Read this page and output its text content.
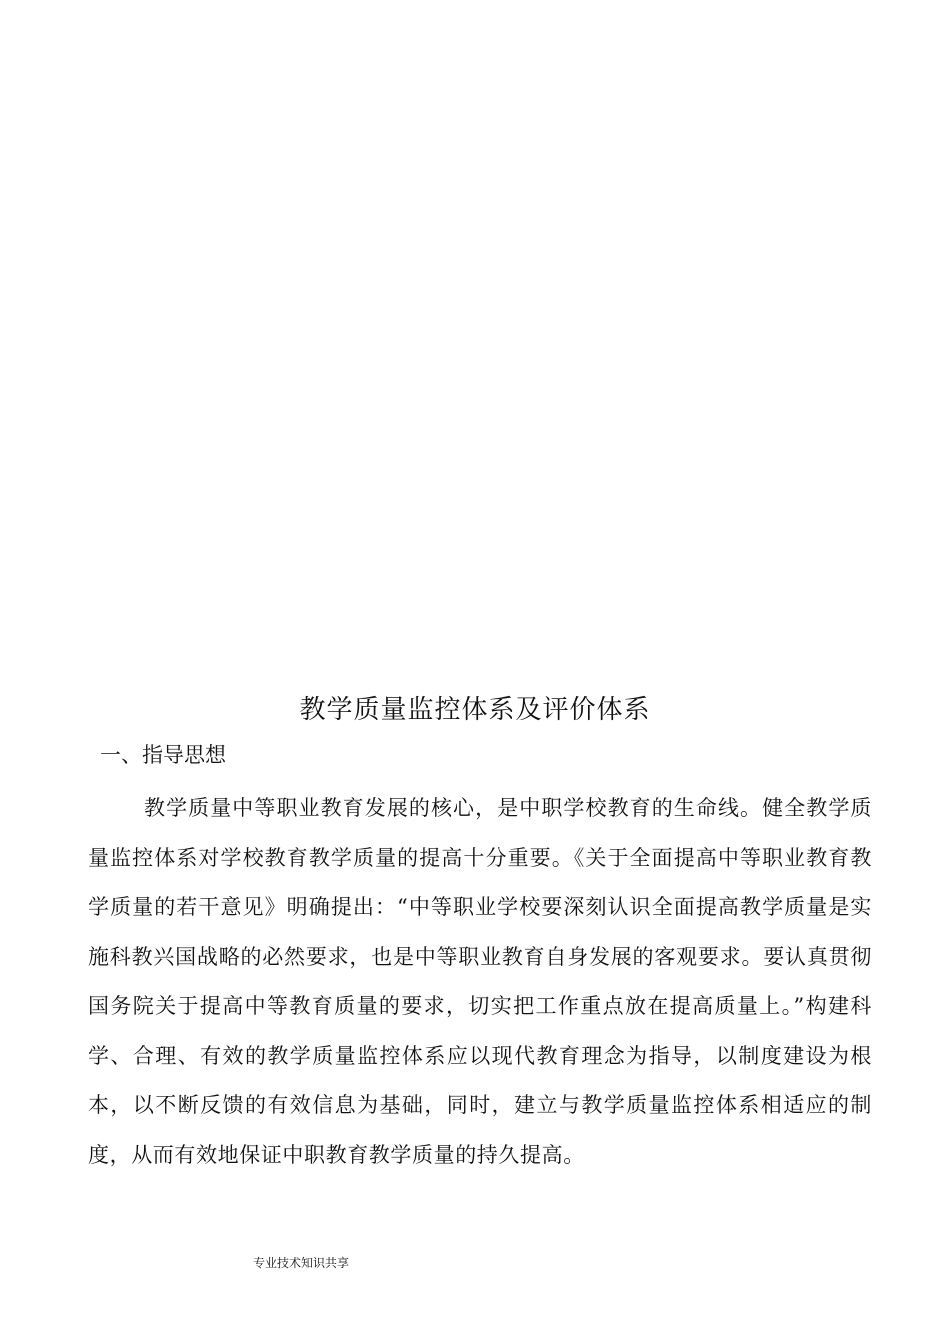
教学质量监控体系及评价体系
一、指导思想

教学质量中等职业教育发展的核心，是中职学校教育的生命线。健全教学质量监控体系对学校教育教学质量的提高十分重要。《关于全面提高中等职业教育教学质量的若干意见》明确提出：“中等职业学校要深刻认识全面提高教学质量是实施科教兴国战略的必然要求，也是中等职业教育自身发展的客观要求。要认真贯彻国务院关于提高中等教育质量的要求，切实把工作重点放在提高质量上。”构建科学、合理、有效的教学质量监控体系应以现代教育理念为指导，以制度建设为根本，以不断反馈的有效信息为基础，同时，建立与教学质量监控体系相适应的制度，从而有效地保证中职教育教学质量的持久提高。

专业技术知识共享
